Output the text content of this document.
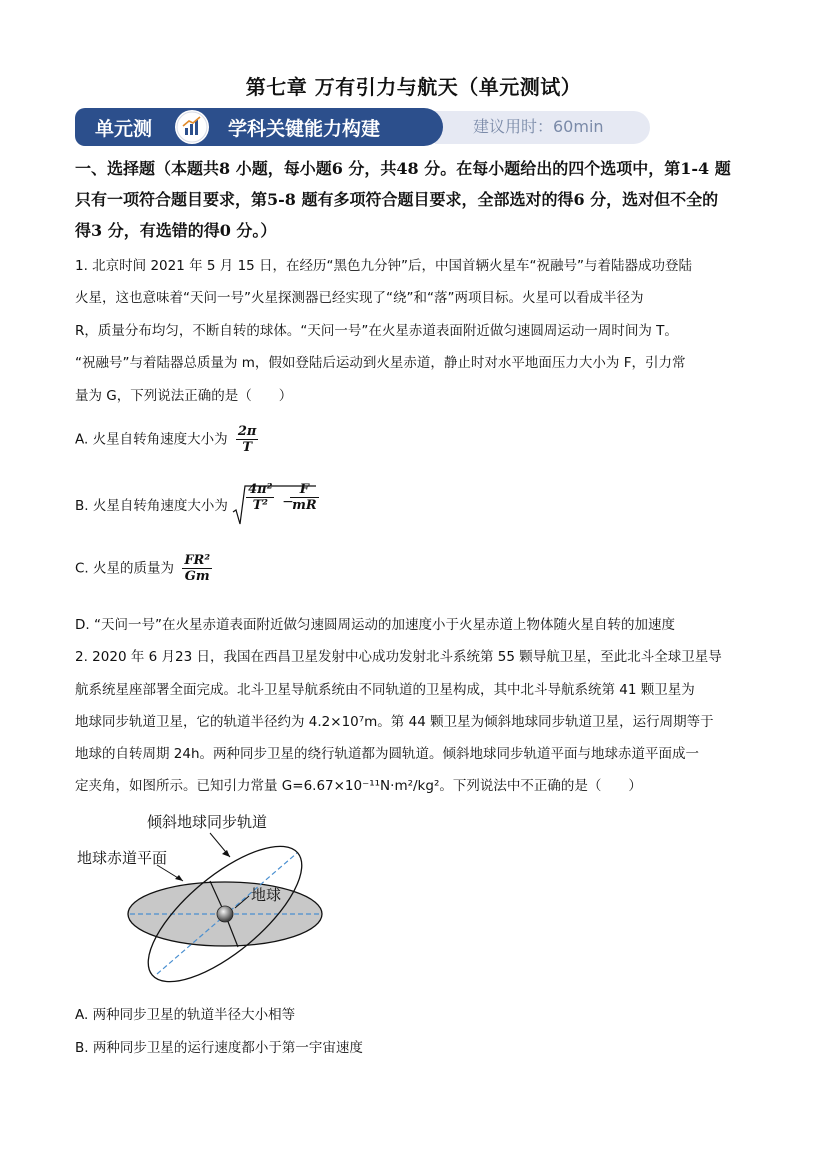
第七章 万有引力与航天（单元测试）
单元测	学科关键能力构建	建议用时：60min
一、选择题（本题共8 小题，每小题6 分，共48 分。在每小题给出的四个选项中，第1-4 题
只有一项符合题目要求，第5-8 题有多项符合题目要求，全部选对的得6 分，选对但不全的
得3 分，有选错的得0 分。）
1. 北京时间 2021 年 5 月 15 日，在经历“黑色九分钟”后，中国首辆火星车“祝融号”与着陆器成功登陆
火星，这也意味着“天问一号”火星探测器已经实现了“绕”和“落”两项目标。火星可以看成半径为
R，质量分布均匀，不断自转的球体。“天问一号”在火星赤道表面附近做匀速圆周运动一周时间为 T。
“祝融号”与着陆器总质量为 m，假如登陆后运动到火星赤道，静止时对水平地面压力大小为 F，引力常
量为 G，下列说法正确的是（　　）
A. 火星自转角速度大小为 $\frac{2\pi}{T}$
B. 火星自转角速度大小为 $\frac{\text{4π²}}{\text{T²}}$ −
$\frac{F}{mR}$
C. 火星的质量为 $\frac{\text{FR²}}{Gm}$
D. “天问一号”在火星赤道表面附近做匀速圆周运动的加速度小于火星赤道上物体随火星自转的加速度
2. 2020 年 6 月23 日，我国在西昌卫星发射中心成功发射北斗系统第 55 颗导航卫星，至此北斗全球卫星导
航系统星座部署全面完成。北斗卫星导航系统由不同轨道的卫星构成，其中北斗导航系统第 41 颗卫星为
地球同步轨道卫星，它的轨道半径约为 4.2×10⁷m。第 44 颗卫星为倾斜地球同步轨道卫星，运行周期等于
地球的自转周期 24h。两种同步卫星的绕行轨道都为圆轨道。倾斜地球同步轨道平面与地球赤道平面成一
定夹角，如图所示。已知引力常量 G=6.67×10⁻¹¹N·m²/kg²。下列说法中不正确的是（　　）
倾斜地球同步轨道
地球赤道平面
地球
A. 两种同步卫星的轨道半径大小相等
B. 两种同步卫星的运行速度都小于第一宇宙速度
